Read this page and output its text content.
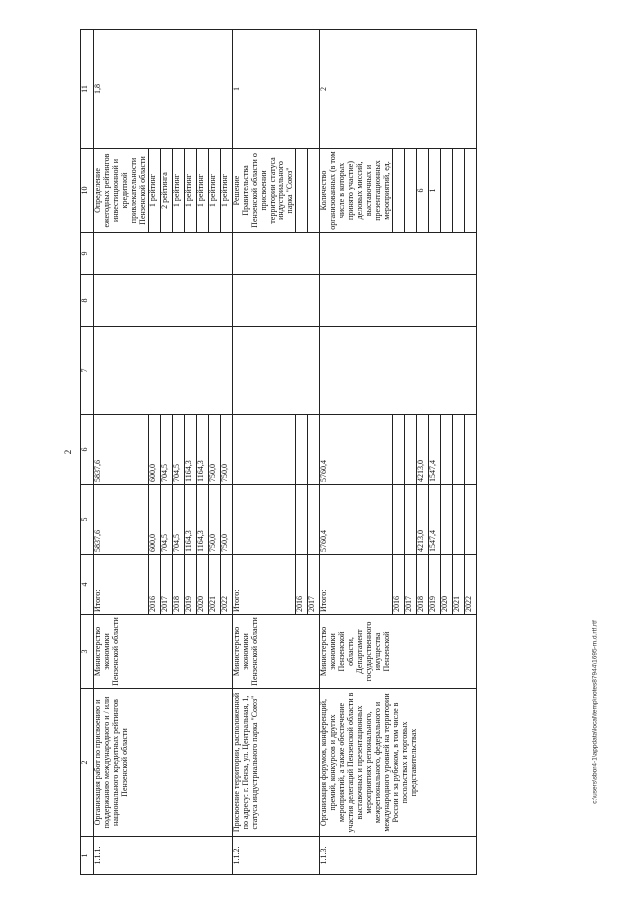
2
c:\users\sbor4-1\appdata\local\temp\notes87944\1695-m.d.rtf.rtf
1	2	3	4	5	6	7	8	9	10	11
1.1.1.	Организация работ по присвоению и поддержанию международного и / или национального кредитных рейтингов Пензенской области	Министерство экономики Пензенской области	Итого:	5837,6	5837,6				Определение ежегодных рейтингов инвестиционной и кредитной привлекательности Пензенской области	1,8
			2016	600,0	600,0				1 рейтинг	
			2017	704,5	704,5				2 рейтинга	
			2018	704,5	704,5				1 рейтинг	
			2019	1164,3	1164,3				1 рейтинг	
			2020	1164,3	1164,3				1 рейтинг	
			2021	750,0	750,0				1 рейтинг	
			2022	750,0	750,0				1 рейтинг	
1.1.2.	Присвоение территории, расположенной по адресу: г. Пенза, ул. Центральная, 1, статуса индустриального парка "Союз"	Министерство экономики Пензенской области	Итого:						Решение Правительства Пензенской области о присвоении территории статуса индустриального парка "Союз"	1
			2016							
			2017							
1.1.3.	Организация форумов, конференций, премий, конкурсов и других мероприятий, а также обеспечение участия делегаций Пензенской области в выставочных и презентационных мероприятиях регионального, межрегионального, федерального и международного уровней на территории России и за рубежом, в том числе в посольствах и торговых представительствах	Министерство экономики Пензенской области, Департамент государственного имущества Пензенской	Итого:	5760,4	5760,4				Количество организованных (в том числе в которых принято участие) деловых миссий, выставочных и презентационных мероприятий, ед.	2
			2016							
			2017							
			2018	4213,0	4213,0				6	
			2019	1547,4	1547,4				1	
			2020							
			2021							
			2022							
